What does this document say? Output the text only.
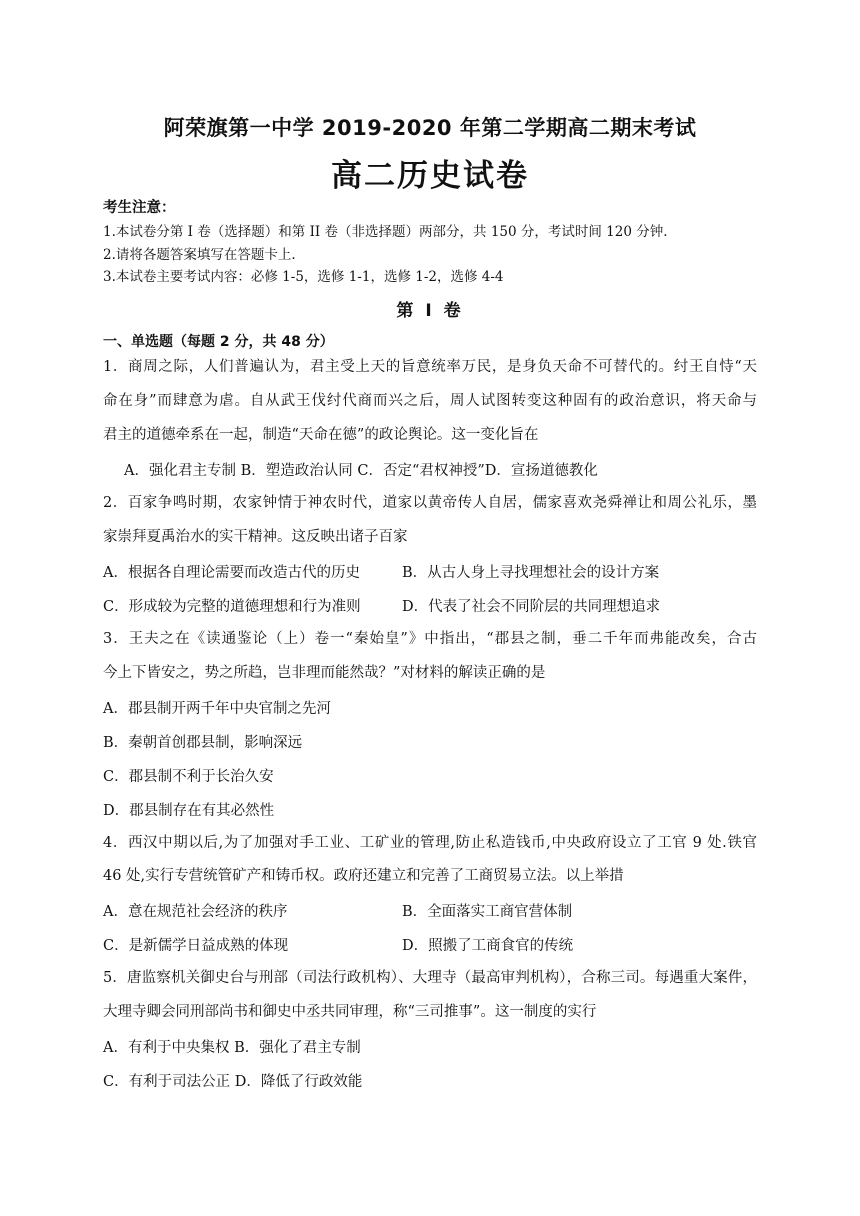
阿荣旗第一中学 2019-2020 年第二学期高二期末考试
高二历史试卷
考生注意：
1.本试卷分第 I 卷（选择题）和第 II 卷（非选择题）两部分，共 150 分，考试时间 120 分钟.
2.请将各题答案填写在答题卡上.
3.本试卷主要考试内容：必修 1-5，选修 1-1，选修 1-2，选修 4-4
第 I 卷
一、单选题（每题 2 分，共 48 分）
1．商周之际，人们普遍认为，君主受上天的旨意统率万民，是身负天命不可替代的。纣王自恃“天
命在身”而肆意为虐。自从武王伐纣代商而兴之后，周人试图转变这种固有的政治意识，将天命与
君主的道德牵系在一起，制造“天命在德”的政论舆论。这一变化旨在
A．强化君主专制 B．塑造政治认同 C．否定“君权神授”D．宣扬道德教化
2．百家争鸣时期，农家钟情于神农时代，道家以黄帝传人自居，儒家喜欢尧舜禅让和周公礼乐，墨
家崇拜夏禹治水的实干精神。这反映出诸子百家
A．根据各自理论需要而改造古代的历史	B．从古人身上寻找理想社会的设计方案
C．形成较为完整的道德理想和行为准则	D．代表了社会不同阶层的共同理想追求
3．王夫之在《读通鉴论（上）卷一“秦始皇”》中指出，“郡县之制，垂二千年而弗能改矣，合古
今上下皆安之，势之所趋，岂非理而能然哉？”对材料的解读正确的是
A．郡县制开两千年中央官制之先河
B．秦朝首创郡县制，影响深远
C．郡县制不利于长治久安
D．郡县制存在有其必然性
4．西汉中期以后,为了加强对手工业、工矿业的管理,防止私造钱币,中央政府设立了工官 9 处.铁官
46 处,实行专营统管矿产和铸币权。政府还建立和完善了工商贸易立法。以上举措
A．意在规范社会经济的秩序	B．全面落实工商官营体制
C．是新儒学日益成熟的体现	D．照搬了工商食官的传统
5．唐监察机关御史台与刑部（司法行政机构）、大理寺（最高审判机构），合称三司。每遇重大案件，
大理寺卿会同刑部尚书和御史中丞共同审理，称“三司推事”。这一制度的实行
A．有利于中央集权 B．强化了君主专制
C．有利于司法公正 D．降低了行政效能
